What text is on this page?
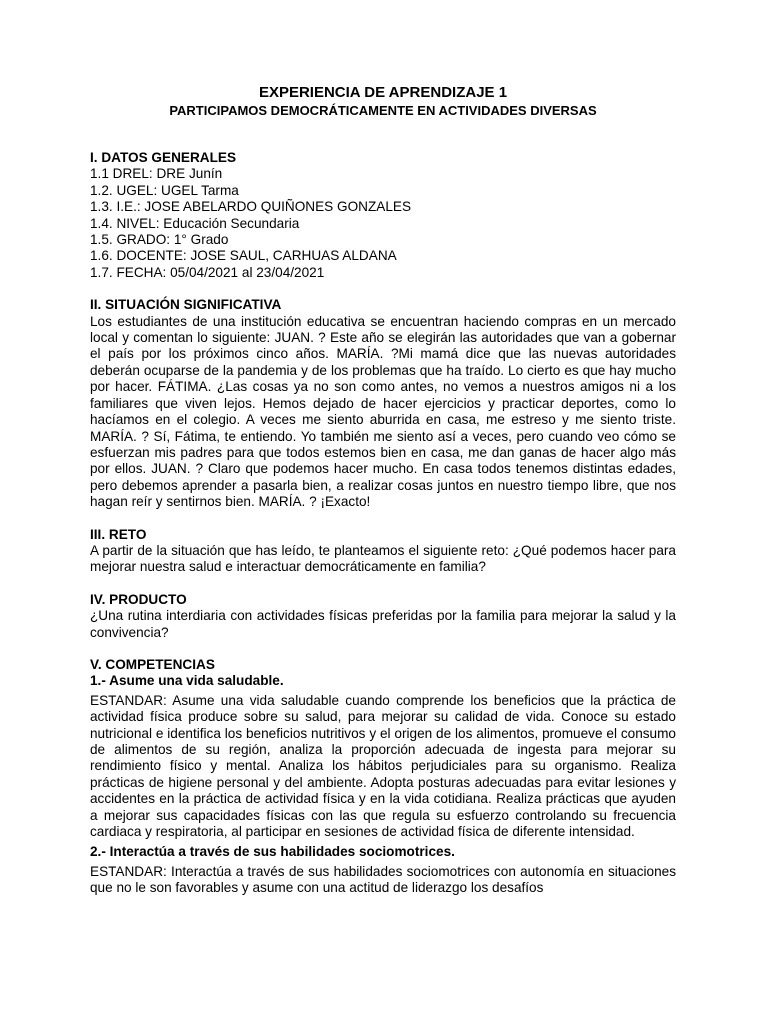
EXPERIENCIA DE APRENDIZAJE 1

PARTICIPAMOS DEMOCRÁTICAMENTE EN ACTIVIDADES DIVERSAS

I. DATOS GENERALES

1.1 DREL: DRE Junín

1.2. UGEL: UGEL Tarma

1.3. I.E.: JOSE ABELARDO QUIÑONES GONZALES

1.4. NIVEL: Educación Secundaria

1.5. GRADO: 1° Grado

1.6. DOCENTE: JOSE SAUL, CARHUAS ALDANA

1.7. FECHA: 05/04/2021 al 23/04/2021

II. SITUACIÓN SIGNIFICATIVA

Los estudiantes de una institución educativa se encuentran haciendo compras en un mercado local y comentan lo siguiente: JUAN. ? Este año se elegirán las autoridades que van a gobernar el país por los próximos cinco años. MARÍA. ?Mi mamá dice que las nuevas autoridades deberán ocuparse de la pandemia y de los problemas que ha traído. Lo cierto es que hay mucho por hacer. FÁTIMA. ¿Las cosas ya no son como antes, no vemos a nuestros amigos ni a los familiares que viven lejos. Hemos dejado de hacer ejercicios y practicar deportes, como lo hacíamos en el colegio. A veces me siento aburrida en casa, me estreso y me siento triste. MARÍA. ? Sí, Fátima, te entiendo. Yo también me siento así a veces, pero cuando veo cómo se esfuerzan mis padres para que todos estemos bien en casa, me dan ganas de hacer algo más por ellos. JUAN. ? Claro que podemos hacer mucho. En casa todos tenemos distintas edades, pero debemos aprender a pasarla bien, a realizar cosas juntos en nuestro tiempo libre, que nos hagan reír y sentirnos bien. MARÍA. ? ¡Exacto!

III. RETO

A partir de la situación que has leído, te planteamos el siguiente reto: ¿Qué podemos hacer para mejorar nuestra salud e interactuar democráticamente en familia?

IV. PRODUCTO

¿Una rutina interdiaria con actividades físicas preferidas por la familia para mejorar la salud y la convivencia?

V. COMPETENCIAS

1.- Asume una vida saludable.

ESTANDAR: Asume una vida saludable cuando comprende los beneficios que la práctica de actividad física produce sobre su salud, para mejorar su calidad de vida. Conoce su estado nutricional e identifica los beneficios nutritivos y el origen de los alimentos, promueve el consumo de alimentos de su región, analiza la proporción adecuada de ingesta para mejorar su rendimiento físico y mental. Analiza los hábitos perjudiciales para su organismo. Realiza prácticas de higiene personal y del ambiente. Adopta posturas adecuadas para evitar lesiones y accidentes en la práctica de actividad física y en la vida cotidiana. Realiza prácticas que ayuden a mejorar sus capacidades físicas con las que regula su esfuerzo controlando su frecuencia cardiaca y respiratoria, al participar en sesiones de actividad física de diferente intensidad.

2.- Interactúa a través de sus habilidades sociomotrices.

ESTANDAR: Interactúa a través de sus habilidades sociomotrices con autonomía en situaciones que no le son favorables y asume con una actitud de liderazgo los desafíos
